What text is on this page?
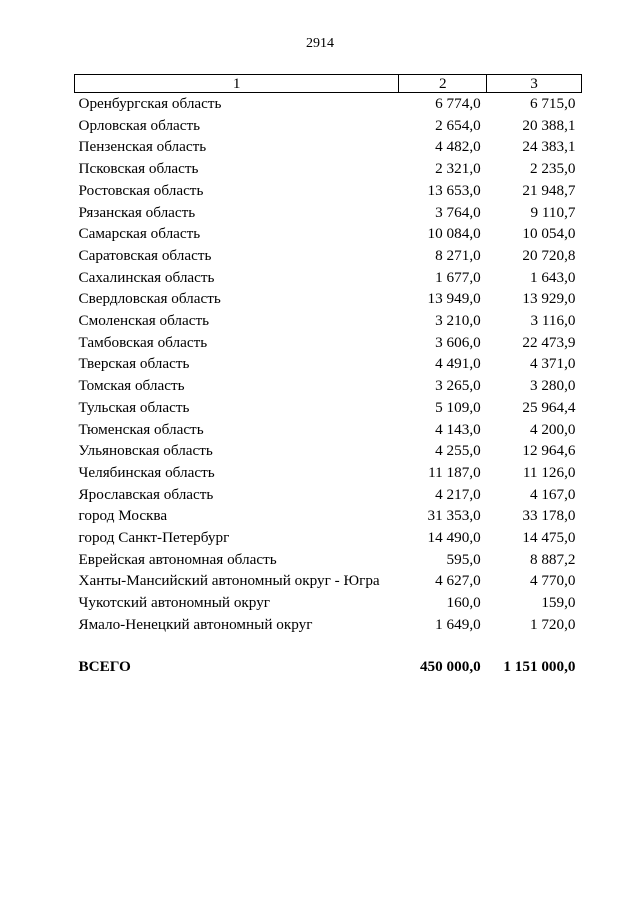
2914
1	2	3
Оренбургская область	6 774,0	6 715,0
Орловская область	2 654,0	20 388,1
Пензенская область	4 482,0	24 383,1
Псковская область	2 321,0	2 235,0
Ростовская область	13 653,0	21 948,7
Рязанская область	3 764,0	9 110,7
Самарская область	10 084,0	10 054,0
Саратовская область	8 271,0	20 720,8
Сахалинская область	1 677,0	1 643,0
Свердловская область	13 949,0	13 929,0
Смоленская область	3 210,0	3 116,0
Тамбовская область	3 606,0	22 473,9
Тверская область	4 491,0	4 371,0
Томская область	3 265,0	3 280,0
Тульская область	5 109,0	25 964,4
Тюменская область	4 143,0	4 200,0
Ульяновская область	4 255,0	12 964,6
Челябинская область	11 187,0	11 126,0
Ярославская область	4 217,0	4 167,0
город Москва	31 353,0	33 178,0
город Санкт-Петербург	14 490,0	14 475,0
Еврейская автономная область	595,0	8 887,2
Ханты-Мансийский автономный округ - Югра	4 627,0	4 770,0
Чукотский автономный округ	160,0	159,0
Ямало-Ненецкий автономный округ	1 649,0	1 720,0

ВСЕГО	450 000,0	1 151 000,0
